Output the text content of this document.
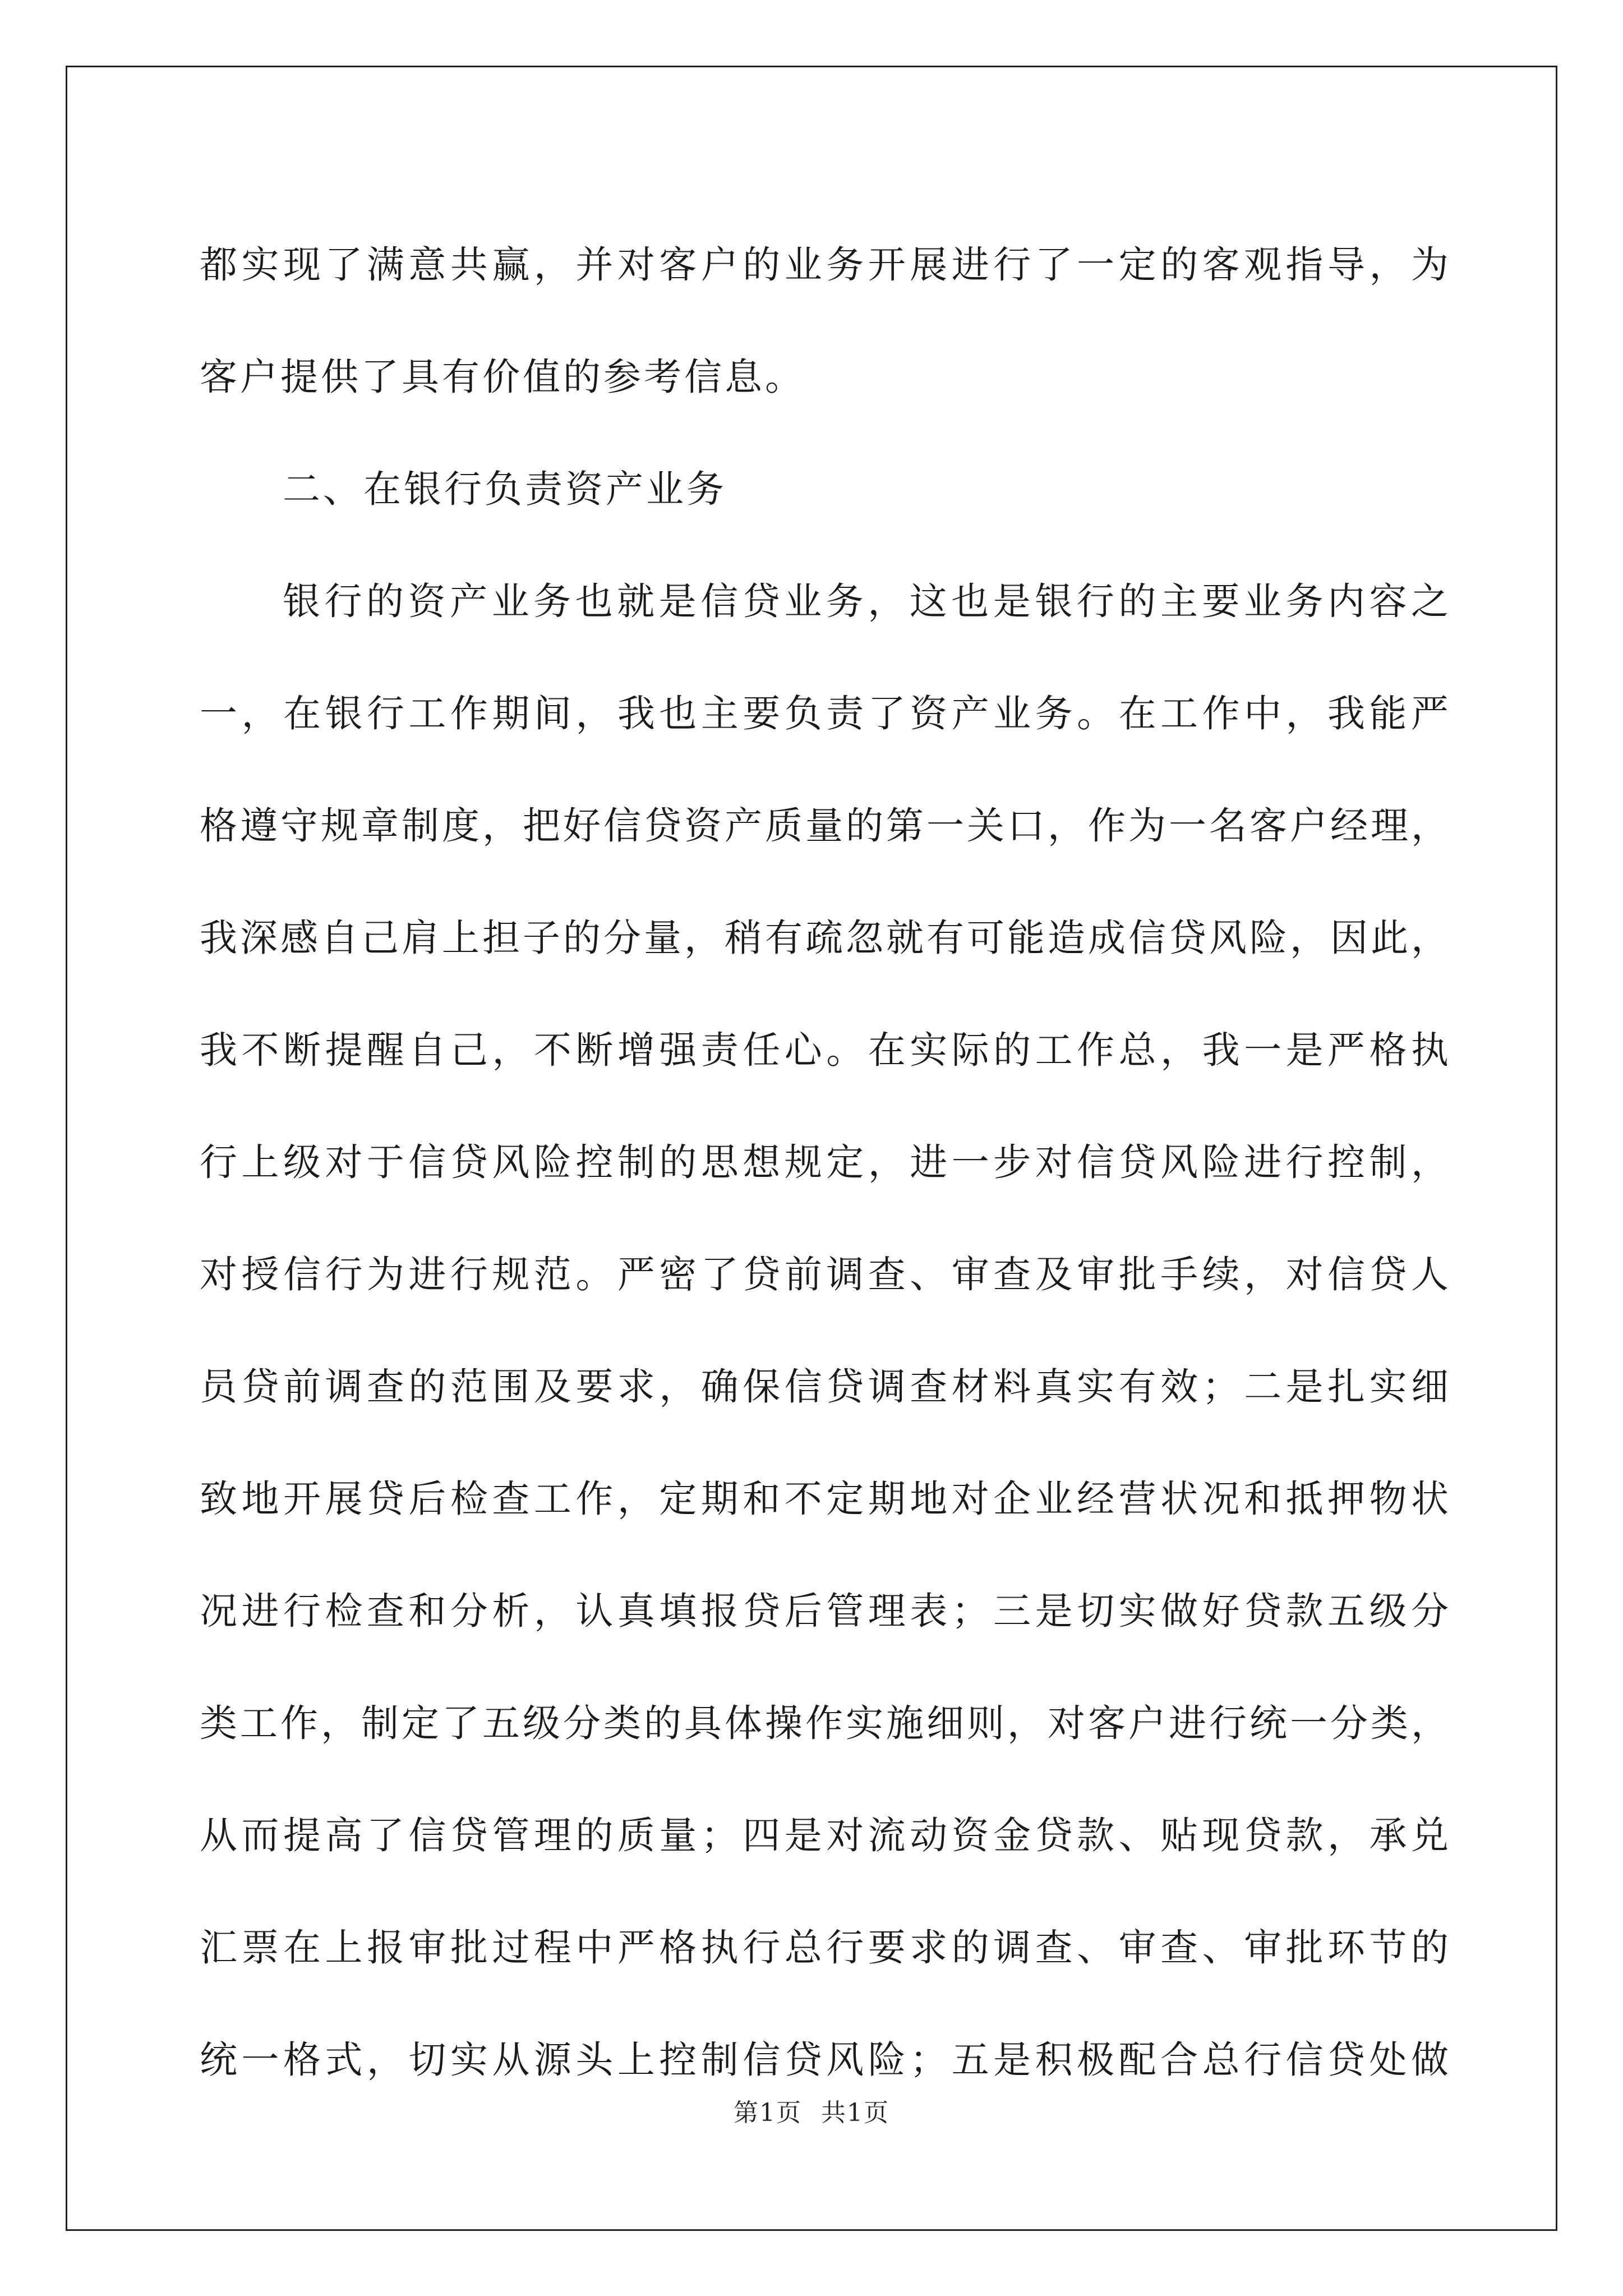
都实现了满意共赢，并对客户的业务开展进行了一定的客观指导，为
客户提供了具有价值的参考信息。
二、在银行负责资产业务
银行的资产业务也就是信贷业务，这也是银行的主要业务内容之
一，在银行工作期间，我也主要负责了资产业务。在工作中，我能严
格遵守规章制度，把好信贷资产质量的第一关口，作为一名客户经理，
我深感自己肩上担子的分量，稍有疏忽就有可能造成信贷风险，因此，
我不断提醒自己，不断增强责任心。在实际的工作总，我一是严格执
行上级对于信贷风险控制的思想规定，进一步对信贷风险进行控制，
对授信行为进行规范。严密了贷前调查、审查及审批手续，对信贷人
员贷前调查的范围及要求，确保信贷调查材料真实有效；二是扎实细
致地开展贷后检查工作，定期和不定期地对企业经营状况和抵押物状
况进行检查和分析，认真填报贷后管理表；三是切实做好贷款五级分
类工作，制定了五级分类的具体操作实施细则，对客户进行统一分类，
从而提高了信贷管理的质量；四是对流动资金贷款、贴现贷款，承兑
汇票在上报审批过程中严格执行总行要求的调查、审查、审批环节的
统一格式，切实从源头上控制信贷风险；五是积极配合总行信贷处做
第1页 共1页
